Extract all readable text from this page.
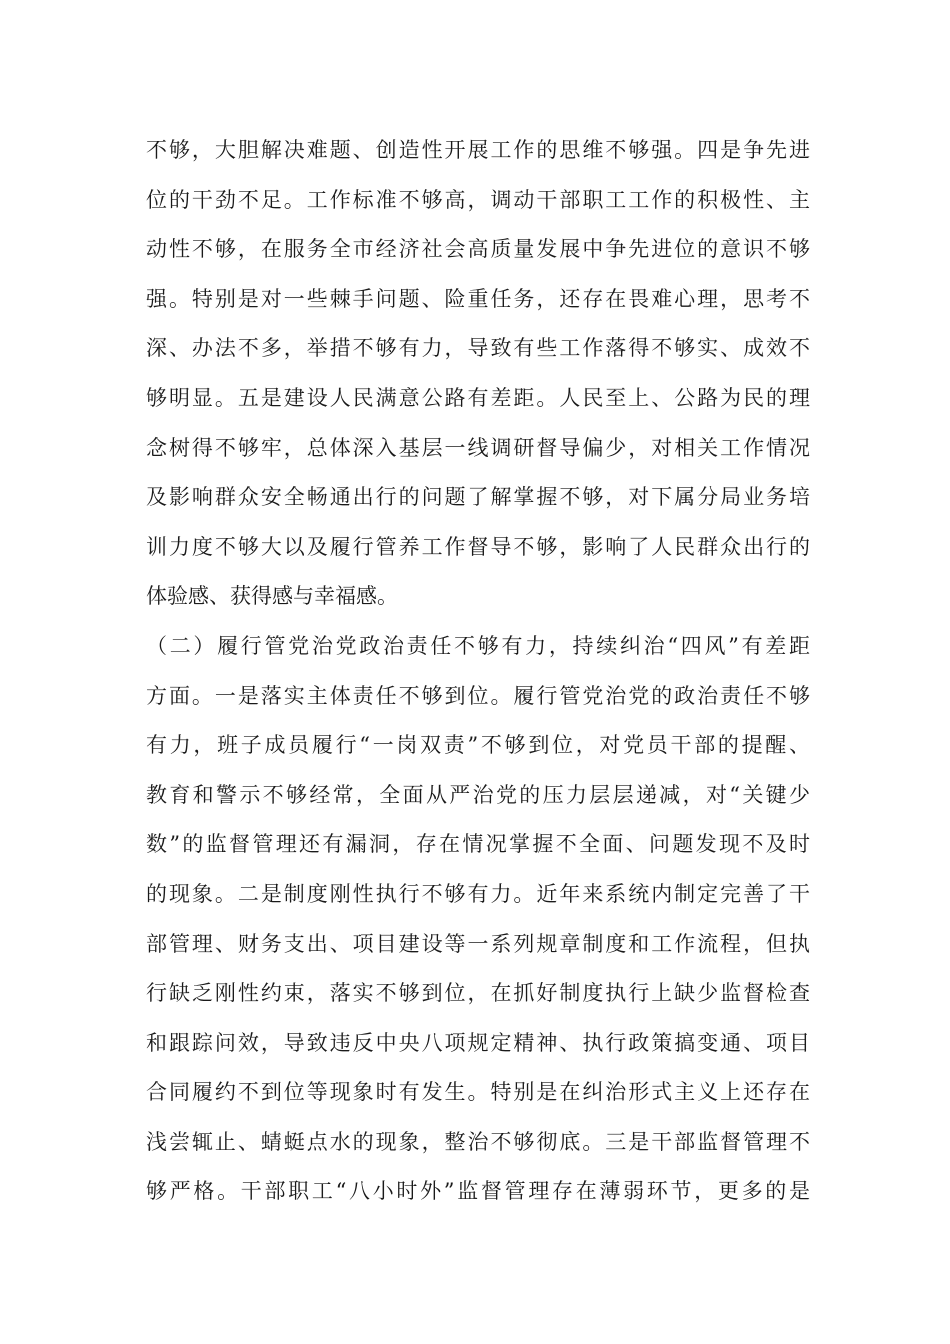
不够，大胆解决难题、创造性开展工作的思维不够强。四是争先进
位的干劲不足。工作标准不够高，调动干部职工工作的积极性、主
动性不够，在服务全市经济社会高质量发展中争先进位的意识不够
强。特别是对一些棘手问题、险重任务，还存在畏难心理，思考不
深、办法不多，举措不够有力，导致有些工作落得不够实、成效不
够明显。五是建设人民满意公路有差距。人民至上、公路为民的理
念树得不够牢，总体深入基层一线调研督导偏少，对相关工作情况
及影响群众安全畅通出行的问题了解掌握不够，对下属分局业务培
训力度不够大以及履行管养工作督导不够，影响了人民群众出行的
体验感、获得感与幸福感。
（二）履行管党治党政治责任不够有力，持续纠治“四风”有差距
方面。一是落实主体责任不够到位。履行管党治党的政治责任不够
有力，班子成员履行“一岗双责”不够到位，对党员干部的提醒、
教育和警示不够经常，全面从严治党的压力层层递减，对“关键少
数”的监督管理还有漏洞，存在情况掌握不全面、问题发现不及时
的现象。二是制度刚性执行不够有力。近年来系统内制定完善了干
部管理、财务支出、项目建设等一系列规章制度和工作流程，但执
行缺乏刚性约束，落实不够到位，在抓好制度执行上缺少监督检查
和跟踪问效，导致违反中央八项规定精神、执行政策搞变通、项目
合同履约不到位等现象时有发生。特别是在纠治形式主义上还存在
浅尝辄止、蜻蜓点水的现象，整治不够彻底。三是干部监督管理不
够严格。干部职工“八小时外”监督管理存在薄弱环节，更多的是
